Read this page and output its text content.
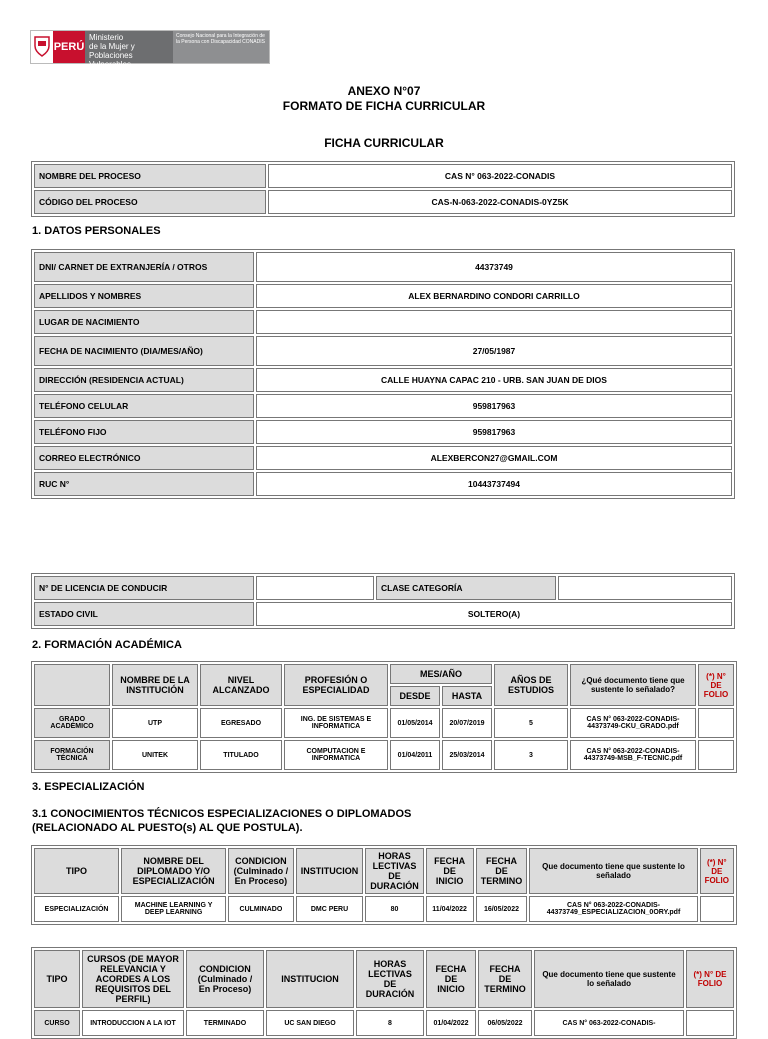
PERÚ
Ministerio
de la Mujer y
Poblaciones Vulnerables
Consejo Nacional para la Integración de la Persona con Discapacidad CONADIS
ANEXO N°07
FORMATO DE FICHA CURRICULAR
FICHA CURRICULAR
NOMBRE DEL PROCESO	CAS N° 063-2022-CONADIS
CÓDIGO DEL PROCESO	CAS-N-063-2022-CONADIS-0YZ5K
1. DATOS PERSONALES
DNI/ CARNET DE EXTRANJERÍA / OTROS	44373749
APELLIDOS Y NOMBRES	ALEX BERNARDINO CONDORI CARRILLO
LUGAR DE NACIMIENTO	
FECHA DE NACIMIENTO (DIA/MES/AÑO)	27/05/1987
DIRECCIÓN (RESIDENCIA ACTUAL)	CALLE HUAYNA CAPAC 210 - URB. SAN JUAN DE DIOS
TELÉFONO CELULAR	959817963
TELÉFONO FIJO	959817963
CORREO ELECTRÓNICO	ALEXBERCON27@GMAIL.COM
RUC N°	10443737494
N° DE LICENCIA DE CONDUCIR		CLASE CATEGORÍA	
ESTADO CIVIL	SOLTERO(A)		
2. FORMACIÓN ACADÉMICA
	NOMBRE DE LA INSTITUCIÓN	NIVEL ALCANZADO	PROFESIÓN O ESPECIALIDAD	MES/AÑO		AÑOS DE ESTUDIOS	¿Qué documento tiene que sustente lo señalado?	(*) N° DE FOLIO
				DESDE	HASTA			
GRADO ACADÉMICO	UTP	EGRESADO	ING. DE SISTEMAS E INFORMATICA	01/05/2014	20/07/2019	5	CAS N° 063-2022-CONADIS-44373749-CKU_GRADO.pdf	
FORMACIÓN TÉCNICA	UNITEK	TITULADO	COMPUTACION E INFORMATICA	01/04/2011	25/03/2014	3	CAS N° 063-2022-CONADIS-44373749-MSB_F-TECNIC.pdf	
3. ESPECIALIZACIÓN
3.1 CONOCIMIENTOS TÉCNICOS ESPECIALIZACIONES O DIPLOMADOS
(RELACIONADO AL PUESTO(s) AL QUE POSTULA).
TIPO	NOMBRE DEL DIPLOMADO Y/O ESPECIALIZACIÓN	CONDICION (Culminado / En Proceso)	INSTITUCION	HORAS LECTIVAS DE DURACIÓN	FECHA DE INICIO	FECHA DE TERMINO	Que documento tiene que sustente lo señalado	(*) N° DE FOLIO
ESPECIALIZACIÓN	MACHINE LEARNING Y DEEP LEARNING	CULMINADO	DMC PERU	80	11/04/2022	16/05/2022	CAS N° 063-2022-CONADIS-44373749_ESPECIALIZACION_0ORY.pdf	
TIPO	CURSOS (DE MAYOR RELEVANCIA Y ACORDES A LOS REQUISITOS DEL PERFIL)	CONDICION (Culminado / En Proceso)	INSTITUCION	HORAS LECTIVAS DE DURACIÓN	FECHA DE INICIO	FECHA DE TERMINO	Que documento tiene que sustente lo señalado	(*) N° DE FOLIO
CURSO	INTRODUCCION A LA IOT	TERMINADO	UC SAN DIEGO	8	01/04/2022	06/05/2022	CAS N° 063-2022-CONADIS-	
